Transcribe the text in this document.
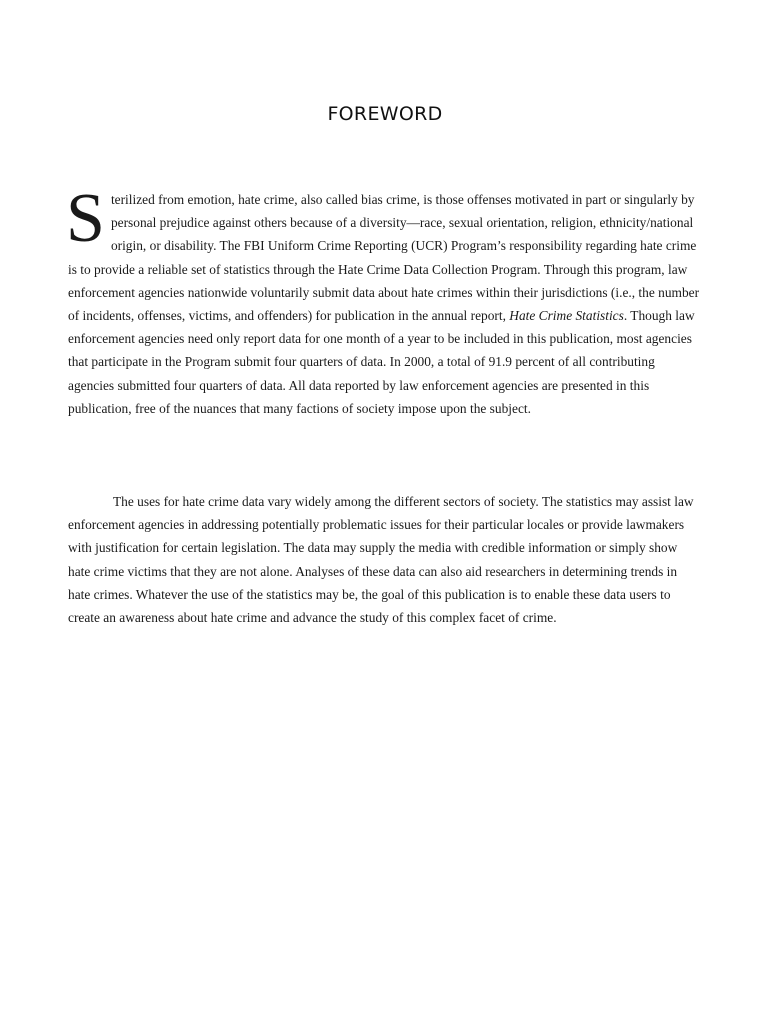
FOREWORD

Sterilized from emotion, hate crime, also called bias crime, is those offenses motivated in part or singularly by personal prejudice against others because of a diversity—race, sexual orientation, religion, ethnicity/national origin, or disability. The FBI Uniform Crime Reporting (UCR) Program’s responsibility regarding hate crime is to provide a reliable set of statistics through the Hate Crime Data Collection Program. Through this program, law enforcement agencies nationwide voluntarily submit data about hate crimes within their jurisdictions (i.e., the number of incidents, offenses, victims, and offenders) for publication in the annual report, Hate Crime Statistics. Though law enforcement agencies need only report data for one month of a year to be included in this publication, most agencies that participate in the Program submit four quarters of data. In 2000, a total of 91.9 percent of all contributing agencies submitted four quarters of data. All data reported by law enforcement agencies are presented in this publication, free of the nuances that many factions of society impose upon the subject.

The uses for hate crime data vary widely among the different sectors of society. The statistics may assist law enforcement agencies in addressing potentially problematic issues for their particular locales or provide lawmakers with justification for certain legislation. The data may supply the media with credible information or simply show hate crime victims that they are not alone. Analyses of these data can also aid researchers in determining trends in hate crimes. Whatever the use of the statistics may be, the goal of this publication is to enable these data users to create an awareness about hate crime and advance the study of this complex facet of crime.
